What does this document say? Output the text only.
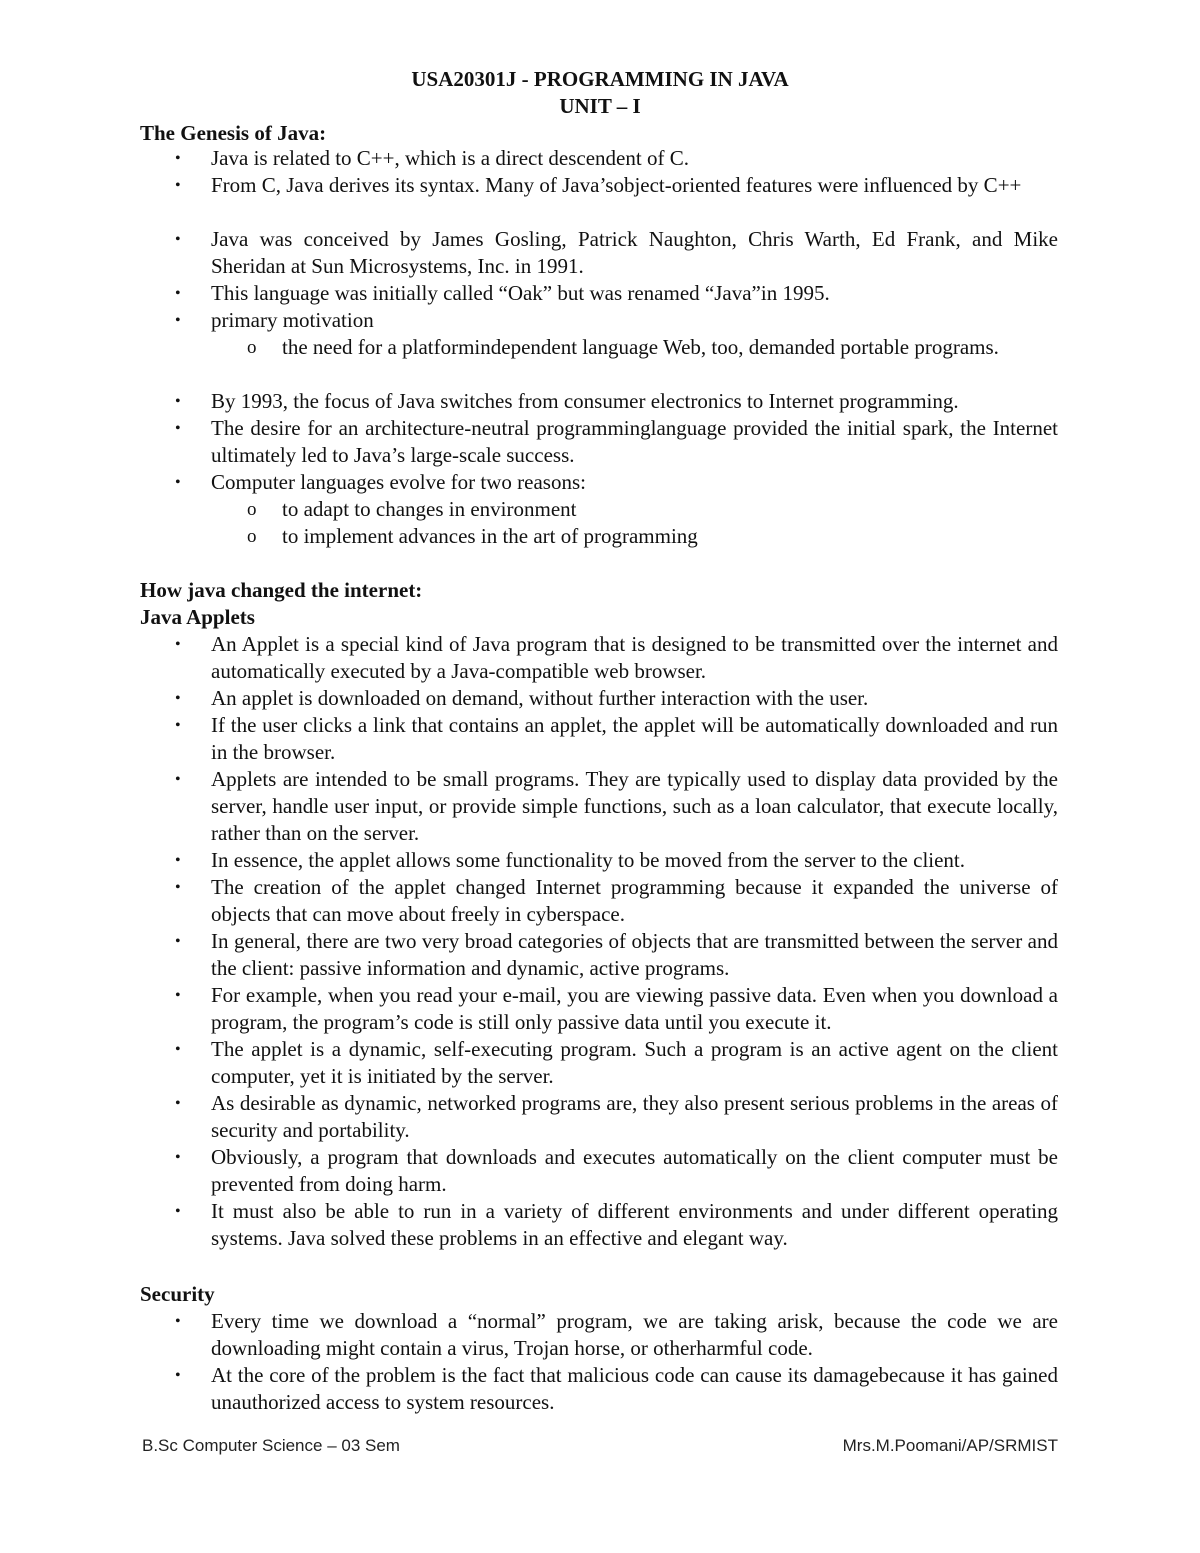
USA20301J - PROGRAMMING IN JAVA
UNIT – I
The Genesis of Java:
• Java is related to C++, which is a direct descendent of C.
• From C, Java derives its syntax. Many of Java’sobject-oriented features were influenced by C++
• Java was conceived by James Gosling, Patrick Naughton, Chris Warth, Ed Frank, and Mike Sheridan at Sun Microsystems, Inc. in 1991.
• This language was initially called “Oak” but was renamed “Java”in 1995.
• primary motivation
o the need for a platformindependent language Web, too, demanded portable programs.
• By 1993, the focus of Java switches from consumer electronics to Internet programming.
• The desire for an architecture-neutral programminglanguage provided the initial spark, the Internet ultimately led to Java’s large-scale success.
• Computer languages evolve for two reasons:
o to adapt to changes in environment
o to implement advances in the art of programming
How java changed the internet:
Java Applets
• An Applet is a special kind of Java program that is designed to be transmitted over the internet and automatically executed by a Java-compatible web browser.
• An applet is downloaded on demand, without further interaction with the user.
• If the user clicks a link that contains an applet, the applet will be automatically downloaded and run in the browser.
• Applets are intended to be small programs. They are typically used to display data provided by the server, handle user input, or provide simple functions, such as a loan calculator, that execute locally, rather than on the server.
• In essence, the applet allows some functionality to be moved from the server to the client.
• The creation of the applet changed Internet programming because it expanded the universe of objects that can move about freely in cyberspace.
• In general, there are two very broad categories of objects that are transmitted between the server and the client: passive information and dynamic, active programs.
• For example, when you read your e-mail, you are viewing passive data. Even when you download a program, the program’s code is still only passive data until you execute it.
• The applet is a dynamic, self-executing program. Such a program is an active agent on the client computer, yet it is initiated by the server.
• As desirable as dynamic, networked programs are, they also present serious problems in the areas of security and portability.
• Obviously, a program that downloads and executes automatically on the client computer must be prevented from doing harm.
• It must also be able to run in a variety of different environments and under different operating systems. Java solved these problems in an effective and elegant way.
Security
• Every time we download a “normal” program, we are taking arisk, because the code we are downloading might contain a virus, Trojan horse, or otherharmful code.
• At the core of the problem is the fact that malicious code can cause its damagebecause it has gained unauthorized access to system resources.
B.Sc Computer Science – 03 Sem	Mrs.M.Poomani/AP/SRMIST
